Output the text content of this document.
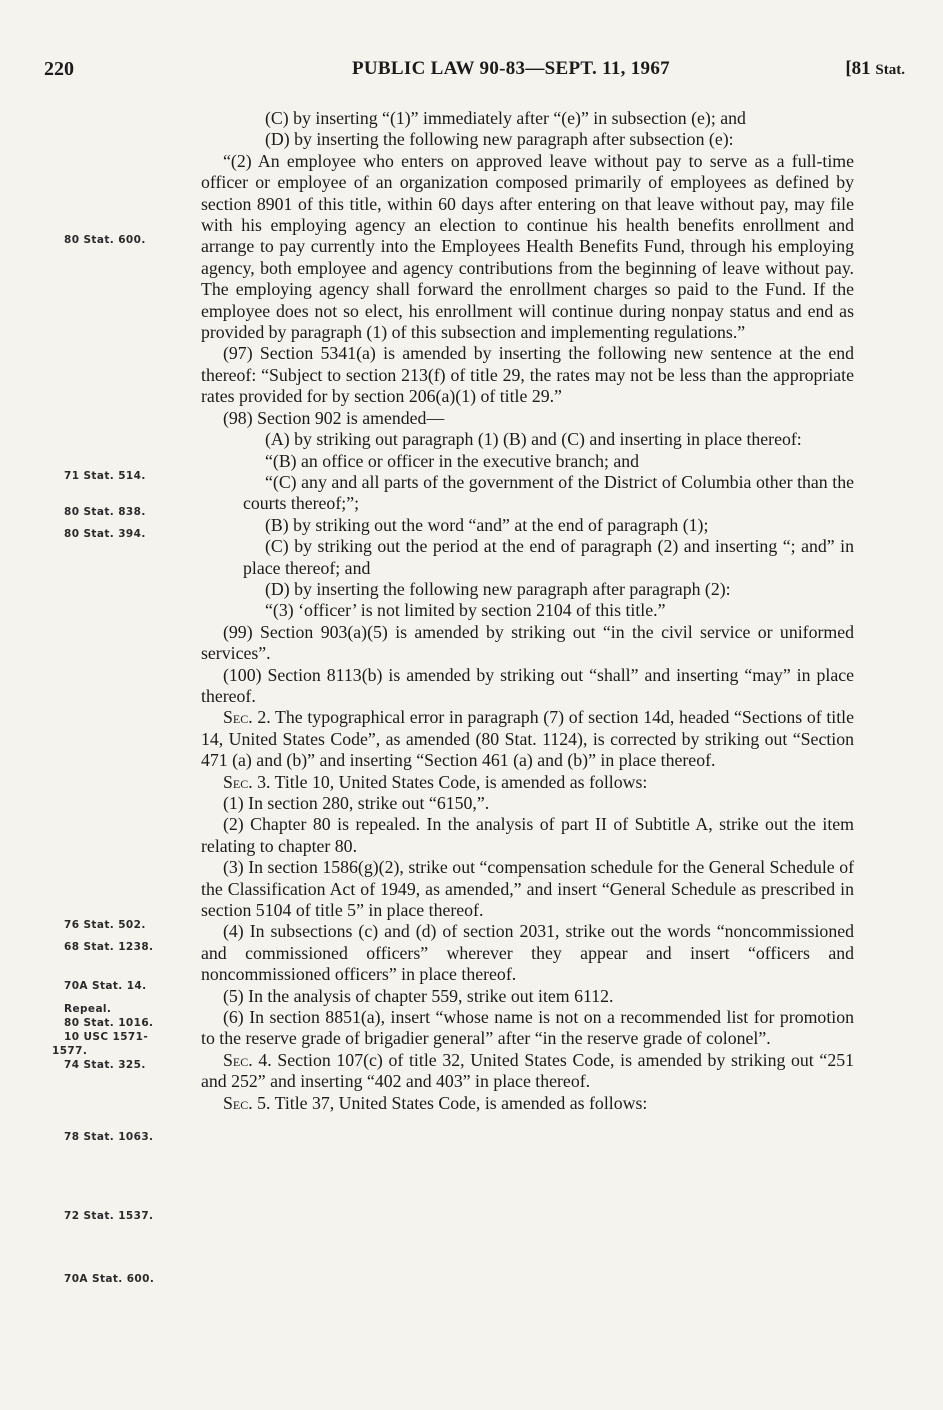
220	PUBLIC LAW 90-83—SEPT. 11, 1967	[81 Stat.
80 Stat. 600.
71 Stat. 514.
80 Stat. 838.
80 Stat. 394.
76 Stat. 502.
68 Stat. 1238.
70A Stat. 14.
Repeal.
80 Stat. 1016.
10 USC 1571-
1577.
74 Stat. 325.
78 Stat. 1063.
72 Stat. 1537.
70A Stat. 600.

(C) by inserting “(1)” immediately after “(e)” in subsection (e); and

(D) by inserting the following new paragraph after subsection (e):

“(2) An employee who enters on approved leave without pay to serve as a full-time officer or employee of an organization composed primarily of employees as defined by section 8901 of this title, within 60 days after entering on that leave without pay, may file with his employing agency an election to continue his health benefits enrollment and arrange to pay currently into the Employees Health Benefits Fund, through his employing agency, both employee and agency contributions from the beginning of leave without pay. The employing agency shall forward the enrollment charges so paid to the Fund. If the employee does not so elect, his enrollment will continue during nonpay status and end as provided by paragraph (1) of this subsection and implementing regulations.”

(97) Section 5341(a) is amended by inserting the following new sentence at the end thereof: “Subject to section 213(f) of title 29, the rates may not be less than the appropriate rates provided for by section 206(a)(1) of title 29.”

(98) Section 902 is amended—

(A) by striking out paragraph (1) (B) and (C) and inserting in place thereof:

“(B) an office or officer in the executive branch; and

“(C) any and all parts of the government of the District of Columbia other than the courts thereof;”;

(B) by striking out the word “and” at the end of paragraph (1);

(C) by striking out the period at the end of paragraph (2) and inserting “; and” in place thereof; and

(D) by inserting the following new paragraph after paragraph (2):

“(3) ‘officer’ is not limited by section 2104 of this title.”

(99) Section 903(a)(5) is amended by striking out “in the civil service or uniformed services”.

(100) Section 8113(b) is amended by striking out “shall” and inserting “may” in place thereof.

Sec. 2. The typographical error in paragraph (7) of section 14d, headed “Sections of title 14, United States Code”, as amended (80 Stat. 1124), is corrected by striking out “Section 471 (a) and (b)” and inserting “Section 461 (a) and (b)” in place thereof.

Sec. 3. Title 10, United States Code, is amended as follows:

(1) In section 280, strike out “6150,”.

(2) Chapter 80 is repealed. In the analysis of part II of Subtitle A, strike out the item relating to chapter 80.

(3) In section 1586(g)(2), strike out “compensation schedule for the General Schedule of the Classification Act of 1949, as amended,” and insert “General Schedule as prescribed in section 5104 of title 5” in place thereof.

(4) In subsections (c) and (d) of section 2031, strike out the words “noncommissioned and commissioned officers” wherever they appear and insert “officers and noncommissioned officers” in place thereof.

(5) In the analysis of chapter 559, strike out item 6112.

(6) In section 8851(a), insert “whose name is not on a recommended list for promotion to the reserve grade of brigadier general” after “in the reserve grade of colonel”.

Sec. 4. Section 107(c) of title 32, United States Code, is amended by striking out “251 and 252” and inserting “402 and 403” in place thereof.

Sec. 5. Title 37, United States Code, is amended as follows:
